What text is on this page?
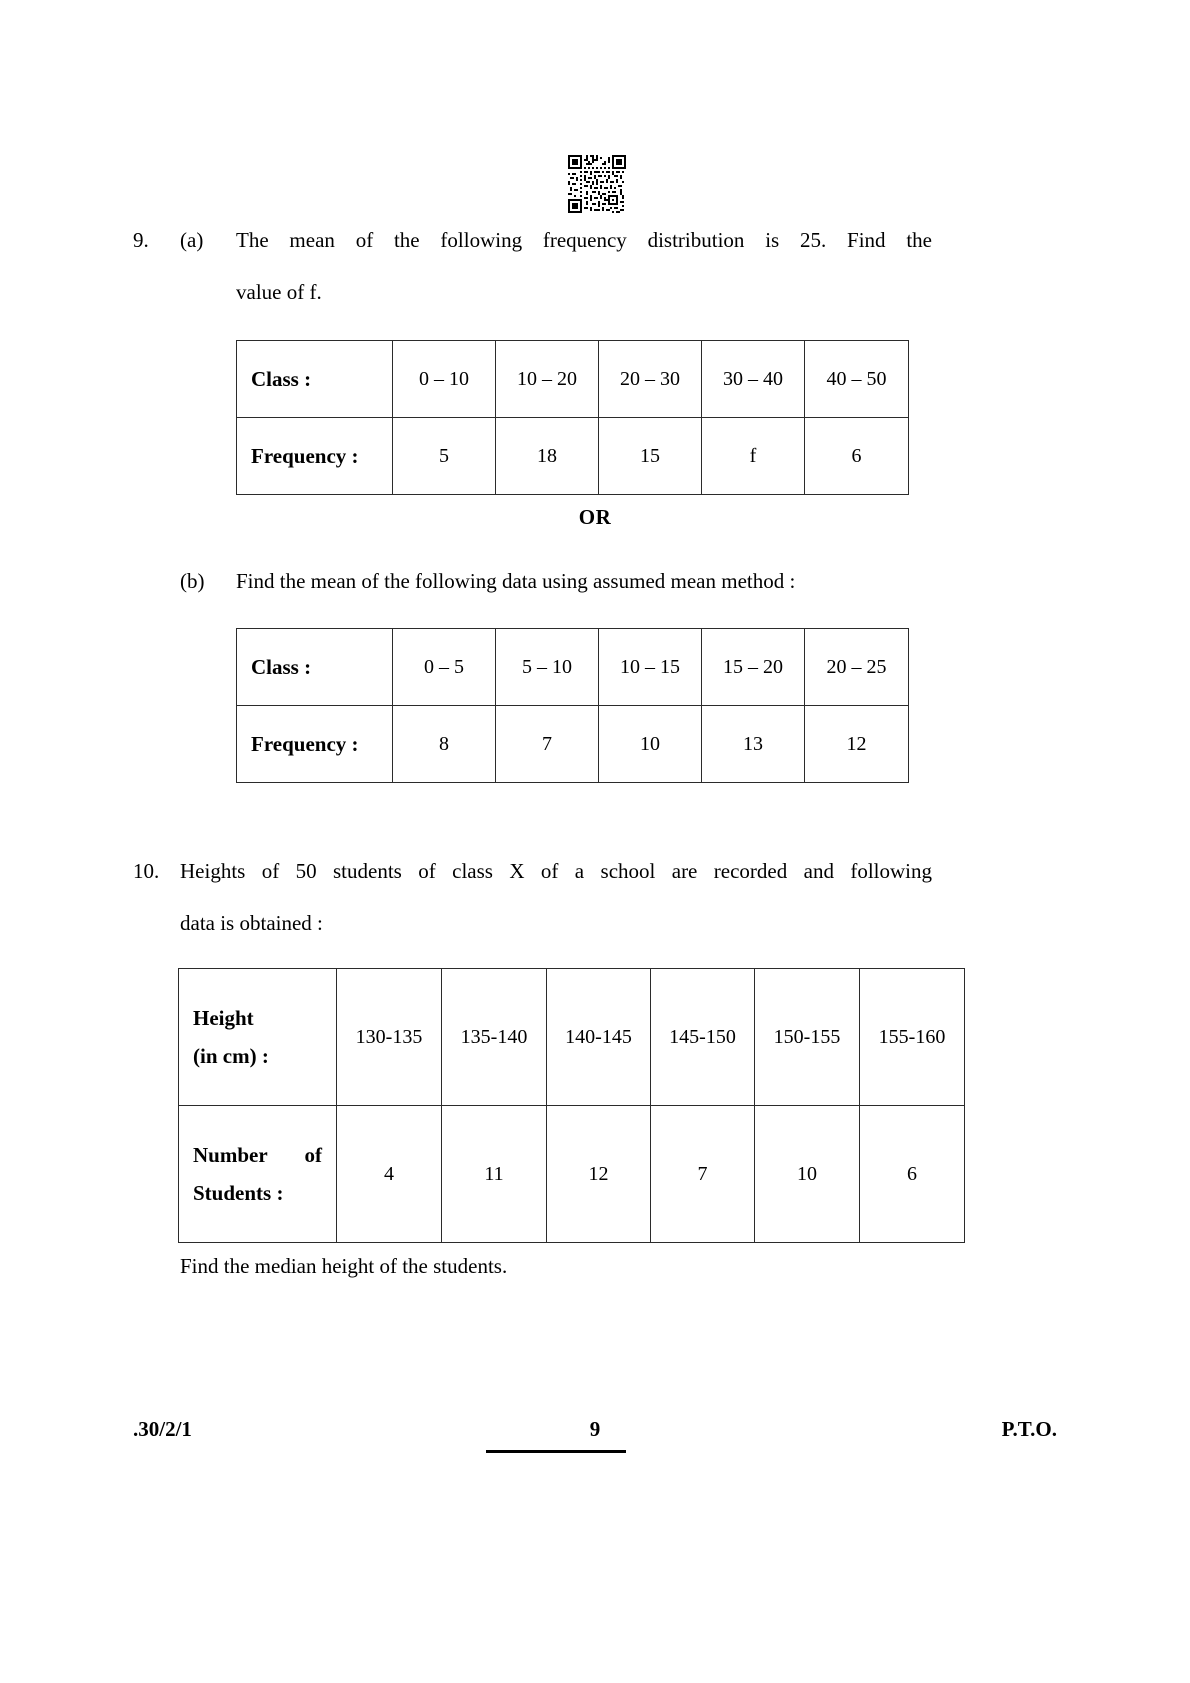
9. (a) The mean of the following frequency distribution is 25. Find the
value of f.
Class :	0 – 10	10 – 20	20 – 30	30 – 40	40 – 50
Frequency :	5	18	15	f	6
OR
(b) Find the mean of the following data using assumed mean method :
Class :	0 – 5	5 – 10	10 – 15	15 – 20	20 – 25
Frequency :	8	7	10	13	12
10. Heights of 50 students of class X of a school are recorded and following
data is obtained :
Height
(in cm) :	130-135	135-140	140-145	145-150	150-155	155-160

Number of
Students :	4	11	12	7	10	6
Find the median height of the students.
.30/2/1	9	P.T.O.
